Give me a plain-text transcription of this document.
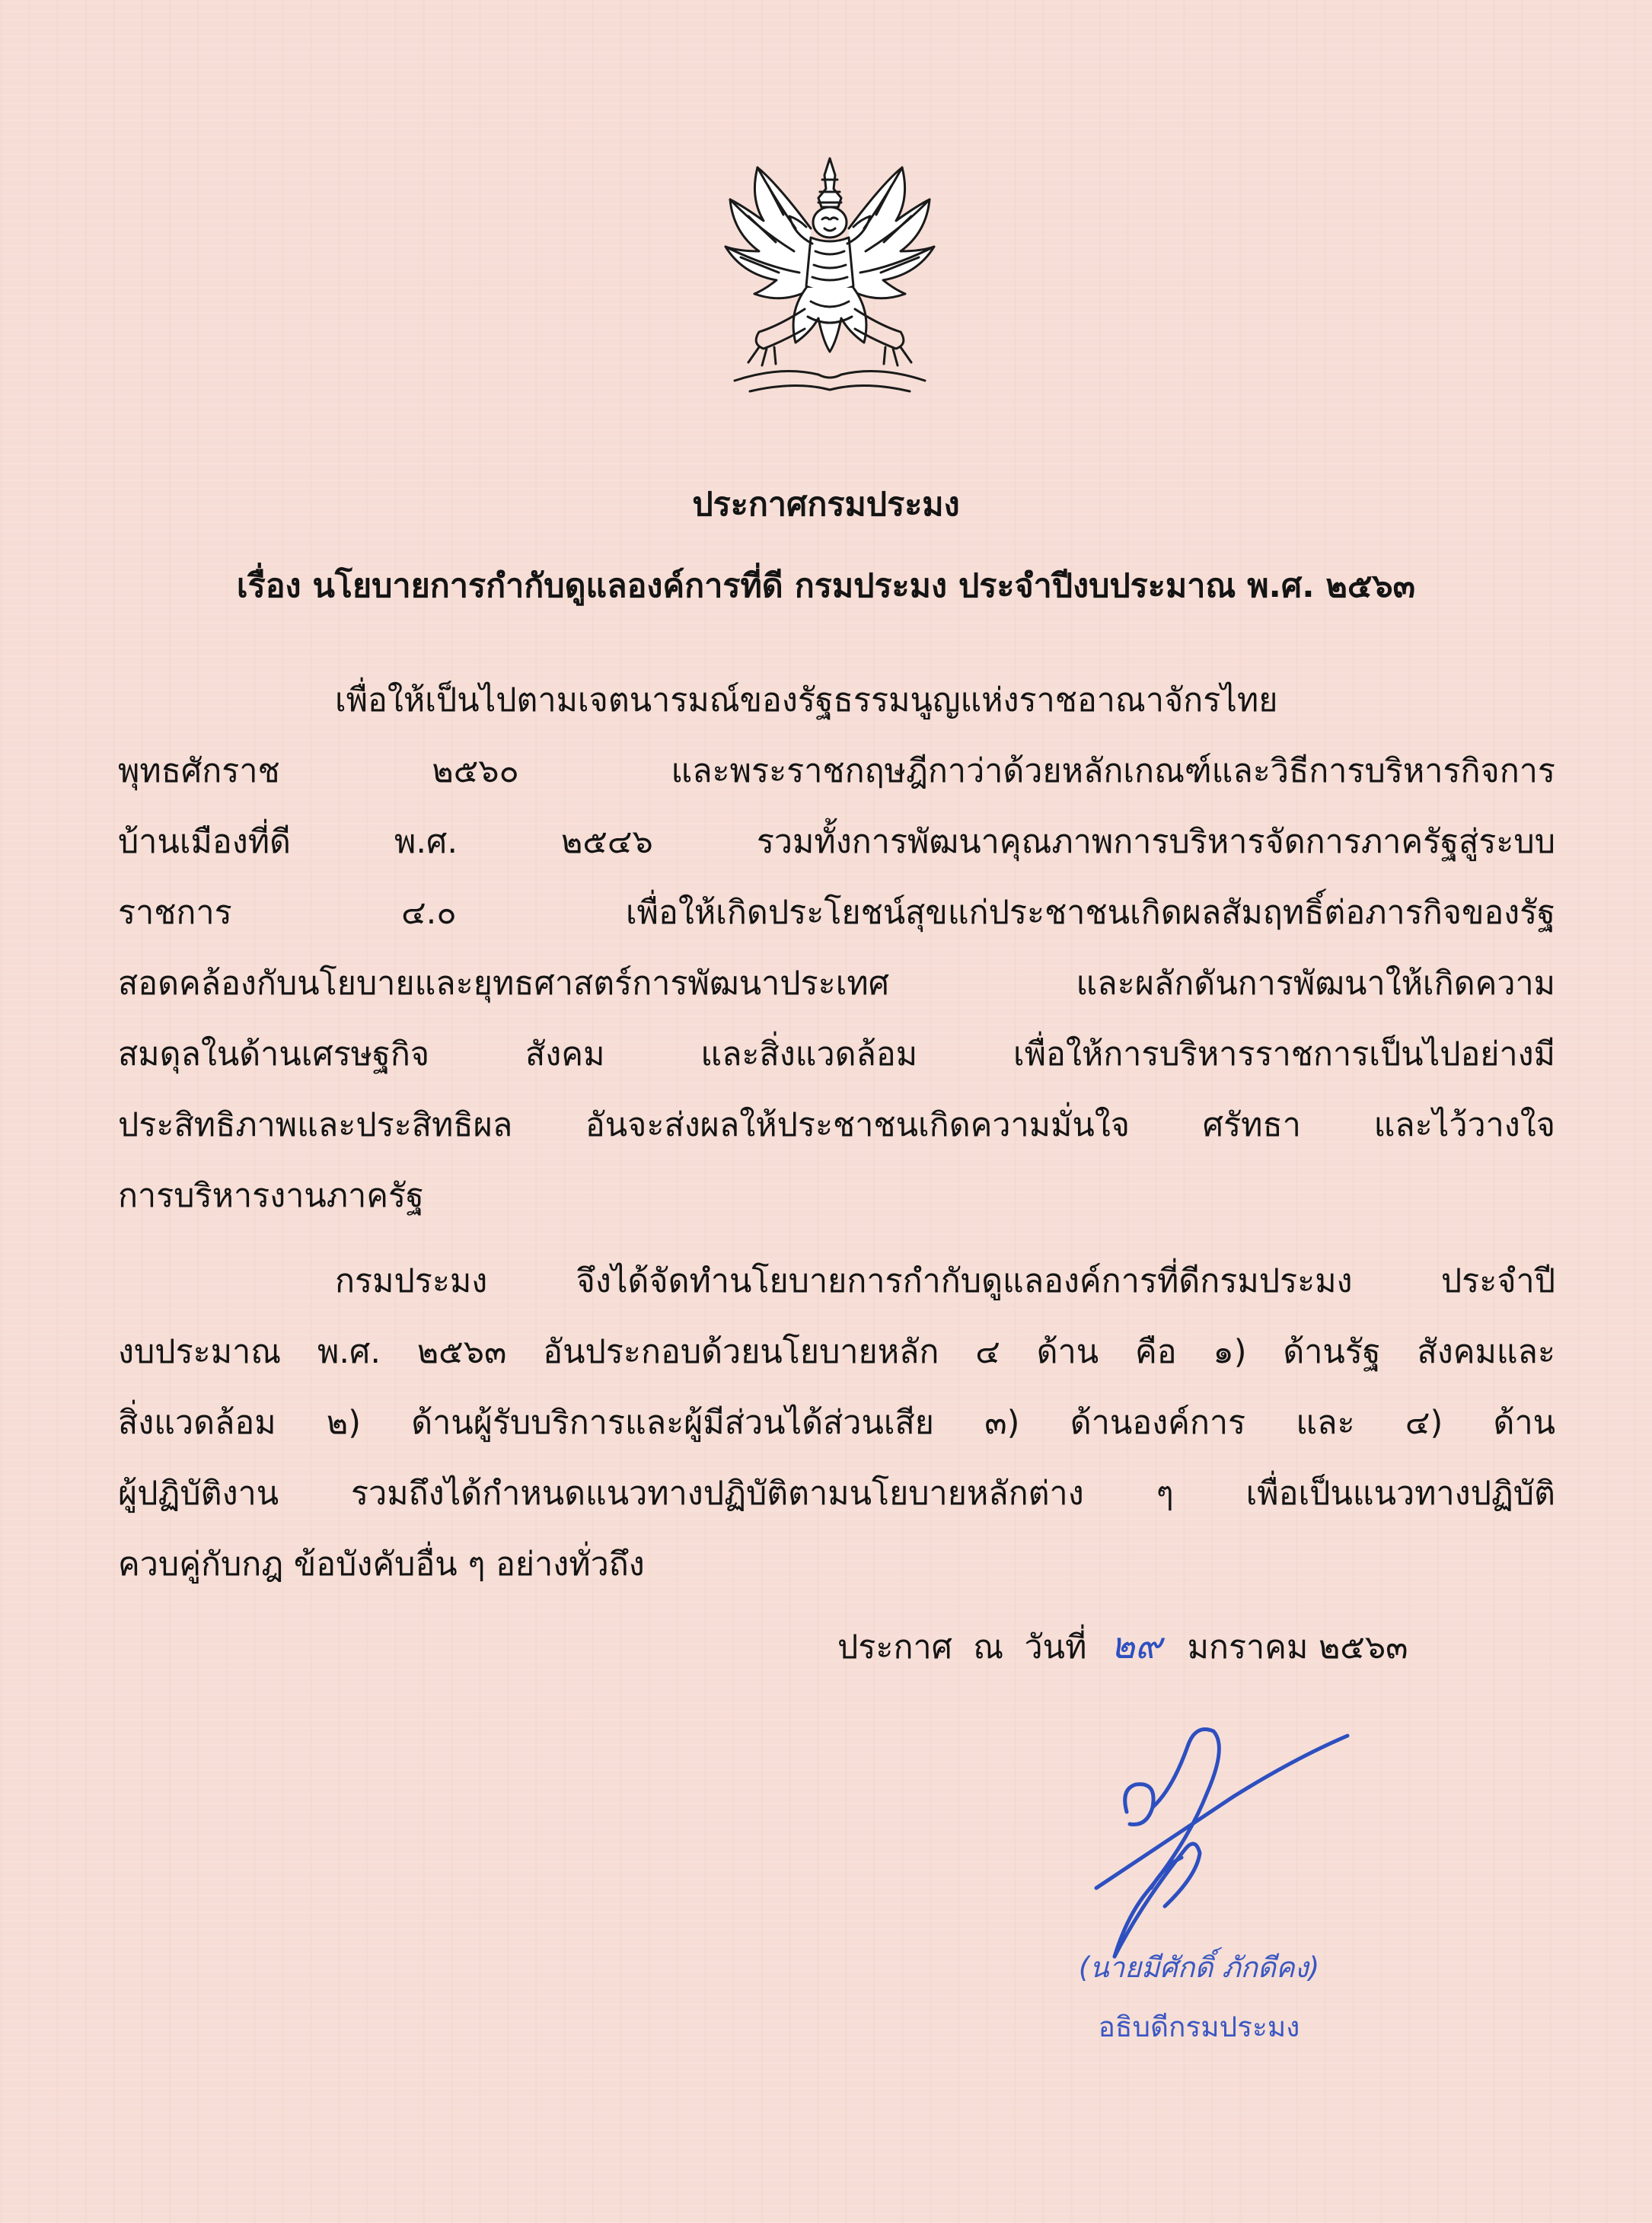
ประกาศกรมประมง
เรื่อง นโยบายการกำกับดูแลองค์การที่ดี กรมประมง ประจำปีงบประมาณ พ.ศ. ๒๕๖๓
เพื่อให้เป็นไปตามเจตนารมณ์ของรัฐธรรมนูญแห่งราชอาณาจักรไทย
พุทธศักราช ๒๕๖๐ และพระราชกฤษฎีกาว่าด้วยหลักเกณฑ์และวิธีการบริหารกิจการ
บ้านเมืองที่ดี พ.ศ. ๒๕๔๖ รวมทั้งการพัฒนาคุณภาพการบริหารจัดการภาครัฐสู่ระบบ
ราชการ ๔.๐ เพื่อให้เกิดประโยชน์สุขแก่ประชาชนเกิดผลสัมฤทธิ์ต่อภารกิจของรัฐ
สอดคล้องกับนโยบายและยุทธศาสตร์การพัฒนาประเทศ และผลักดันการพัฒนาให้เกิดความ
สมดุลในด้านเศรษฐกิจ สังคม และสิ่งแวดล้อม เพื่อให้การบริหารราชการเป็นไปอย่างมี
ประสิทธิภาพและประสิทธิผล อันจะส่งผลให้ประชาชนเกิดความมั่นใจ ศรัทธา และไว้วางใจ
การบริหารงานภาครัฐ
กรมประมง จึงได้จัดทำนโยบายการกำกับดูแลองค์การที่ดีกรมประมง ประจำปี
งบประมาณ พ.ศ. ๒๕๖๓ อันประกอบด้วยนโยบายหลัก ๔ ด้าน คือ ๑) ด้านรัฐ สังคมและ
สิ่งแวดล้อม ๒) ด้านผู้รับบริการและผู้มีส่วนได้ส่วนเสีย ๓) ด้านองค์การ และ ๔) ด้าน
ผู้ปฏิบัติงาน รวมถึงได้กำหนดแนวทางปฏิบัติตามนโยบายหลักต่าง ๆ เพื่อเป็นแนวทางปฏิบัติ
ควบคู่กับกฎ ข้อบังคับอื่น ๆ อย่างทั่วถึง
ประกาศ  ณ  วันที่ ๒๙ มกราคม ๒๕๖๓
(นายมีศักดิ์ ภักดีคง)
อธิบดีกรมประมง
